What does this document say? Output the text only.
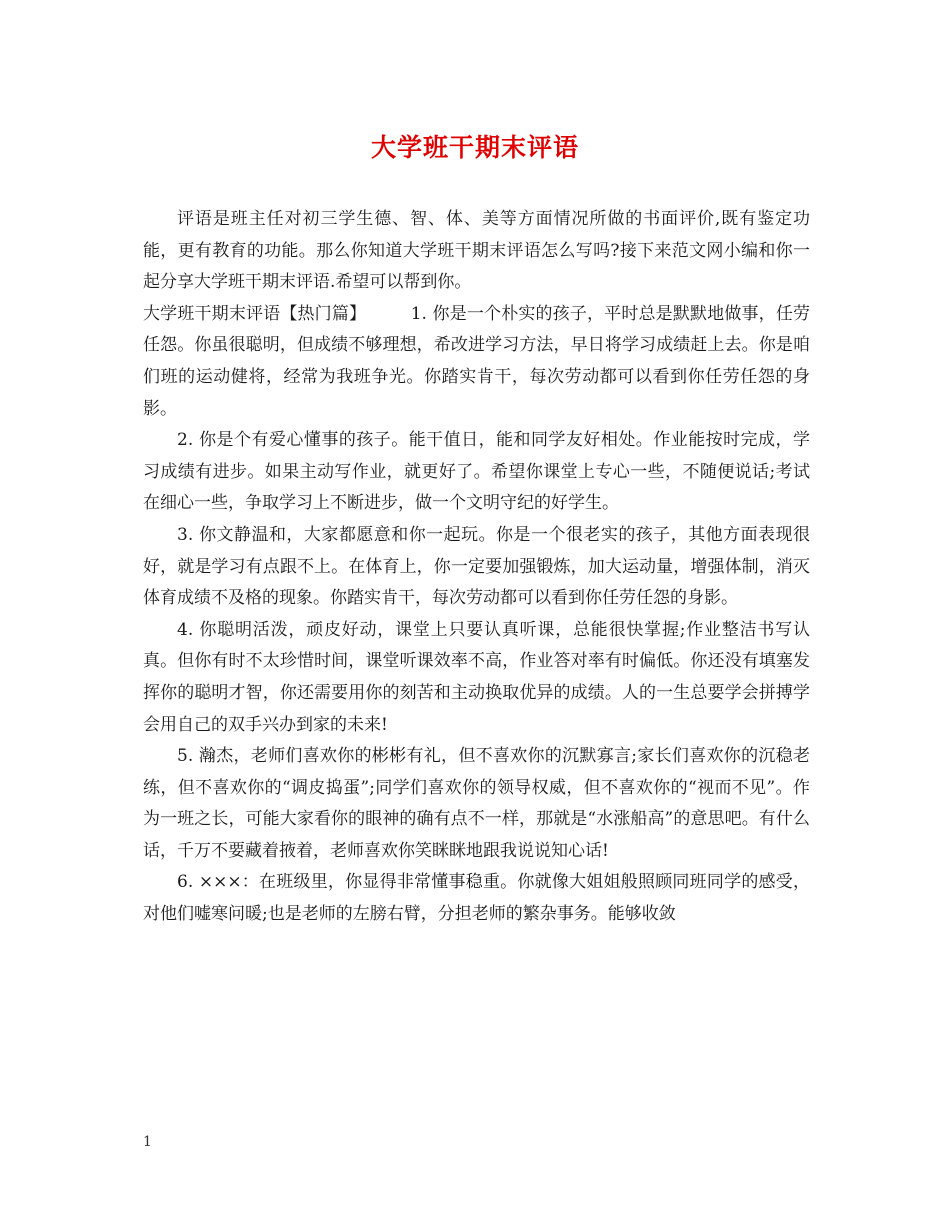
大学班干期末评语

评语是班主任对初三学生德、智、体、美等方面情况所做的书面评价,既有鉴定功能，更有教育的功能。那么你知道大学班干期末评语怎么写吗?接下来范文网小编和你一起分享大学班干期末评语.希望可以帮到你。

大学班干期末评语【热门篇】	1. 你是一个朴实的孩子，平时总是默默地做事，任劳任怨。你虽很聪明，但成绩不够理想，希改进学习方法，早日将学习成绩赶上去。你是咱们班的运动健将，经常为我班争光。你踏实肯干，每次劳动都可以看到你任劳任怨的身影。

2. 你是个有爱心懂事的孩子。能干值日，能和同学友好相处。作业能按时完成，学习成绩有进步。如果主动写作业，就更好了。希望你课堂上专心一些，不随便说话;考试在细心一些，争取学习上不断进步，做一个文明守纪的好学生。

3. 你文静温和，大家都愿意和你一起玩。你是一个很老实的孩子，其他方面表现很好，就是学习有点跟不上。在体育上，你一定要加强锻炼，加大运动量，增强体制，消灭体育成绩不及格的现象。你踏实肯干，每次劳动都可以看到你任劳任怨的身影。

4. 你聪明活泼，顽皮好动，课堂上只要认真听课，总能很快掌握;作业整洁书写认真。但你有时不太珍惜时间，课堂听课效率不高，作业答对率有时偏低。你还没有填塞发挥你的聪明才智，你还需要用你的刻苦和主动换取优异的成绩。人的一生总要学会拼搏学会用自己的双手兴办到家的未来!

5. 瀚杰，老师们喜欢你的彬彬有礼，但不喜欢你的沉默寡言;家长们喜欢你的沉稳老练，但不喜欢你的“调皮捣蛋”;同学们喜欢你的领导权威，但不喜欢你的“视而不见”。作为一班之长，可能大家看你的眼神的确有点不一样，那就是“水涨船高”的意思吧。有什么话，千万不要藏着掖着，老师喜欢你笑眯眯地跟我说说知心话!

6. ×××：在班级里，你显得非常懂事稳重。你就像大姐姐般照顾同班同学的感受，对他们嘘寒问暖;也是老师的左膀右臂，分担老师的繁杂事务。能够收敛

1
